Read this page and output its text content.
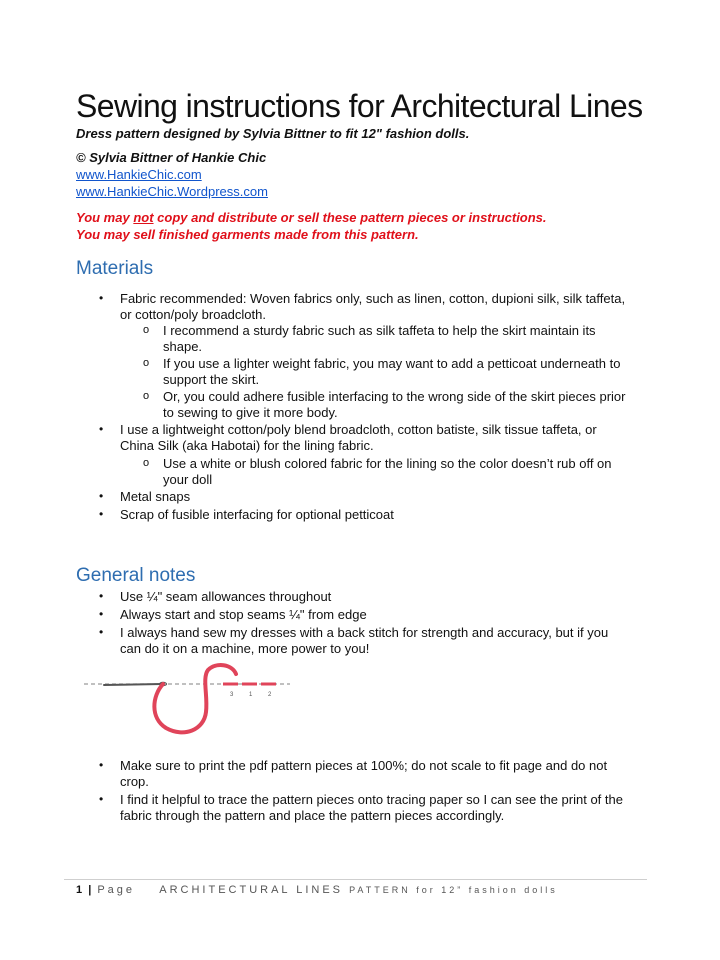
Sewing instructions for Architectural Lines
Dress pattern designed by Sylvia Bittner to fit 12" fashion dolls.
© Sylvia Bittner of Hankie Chic
www.HankieChic.com
www.HankieChic.Wordpress.com
You may not copy and distribute or sell these pattern pieces or instructions.
You may sell finished garments made from this pattern.
Materials
• Fabric recommended: Woven fabrics only, such as linen, cotton, dupioni silk, silk taffeta,
or cotton/poly broadcloth.
o I recommend a sturdy fabric such as silk taffeta to help the skirt maintain its
shape.
o If you use a lighter weight fabric, you may want to add a petticoat underneath to
support the skirt.
o Or, you could adhere fusible interfacing to the wrong side of the skirt pieces prior
to sewing to give it more body.
• I use a lightweight cotton/poly blend broadcloth, cotton batiste, silk tissue taffeta, or
China Silk (aka Habotai) for the lining fabric.
o Use a white or blush colored fabric for the lining so the color doesn’t rub off on
your doll
• Metal snaps
• Scrap of fusible interfacing for optional petticoat
General notes
• Use ¼" seam allowances throughout
• Always start and stop seams ¼" from edge
• I always hand sew my dresses with a back stitch for strength and accuracy, but if you
can do it on a machine, more power to you!
3	1	2
• Make sure to print the pdf pattern pieces at 100%; do not scale to fit page and do not
crop.
• I find it helpful to trace the pattern pieces onto tracing paper so I can see the print of the
fabric through the pattern and place the pattern pieces accordingly.
1 | Page ARCHITECTURAL LINES PATTERN for 12” fashion dolls
